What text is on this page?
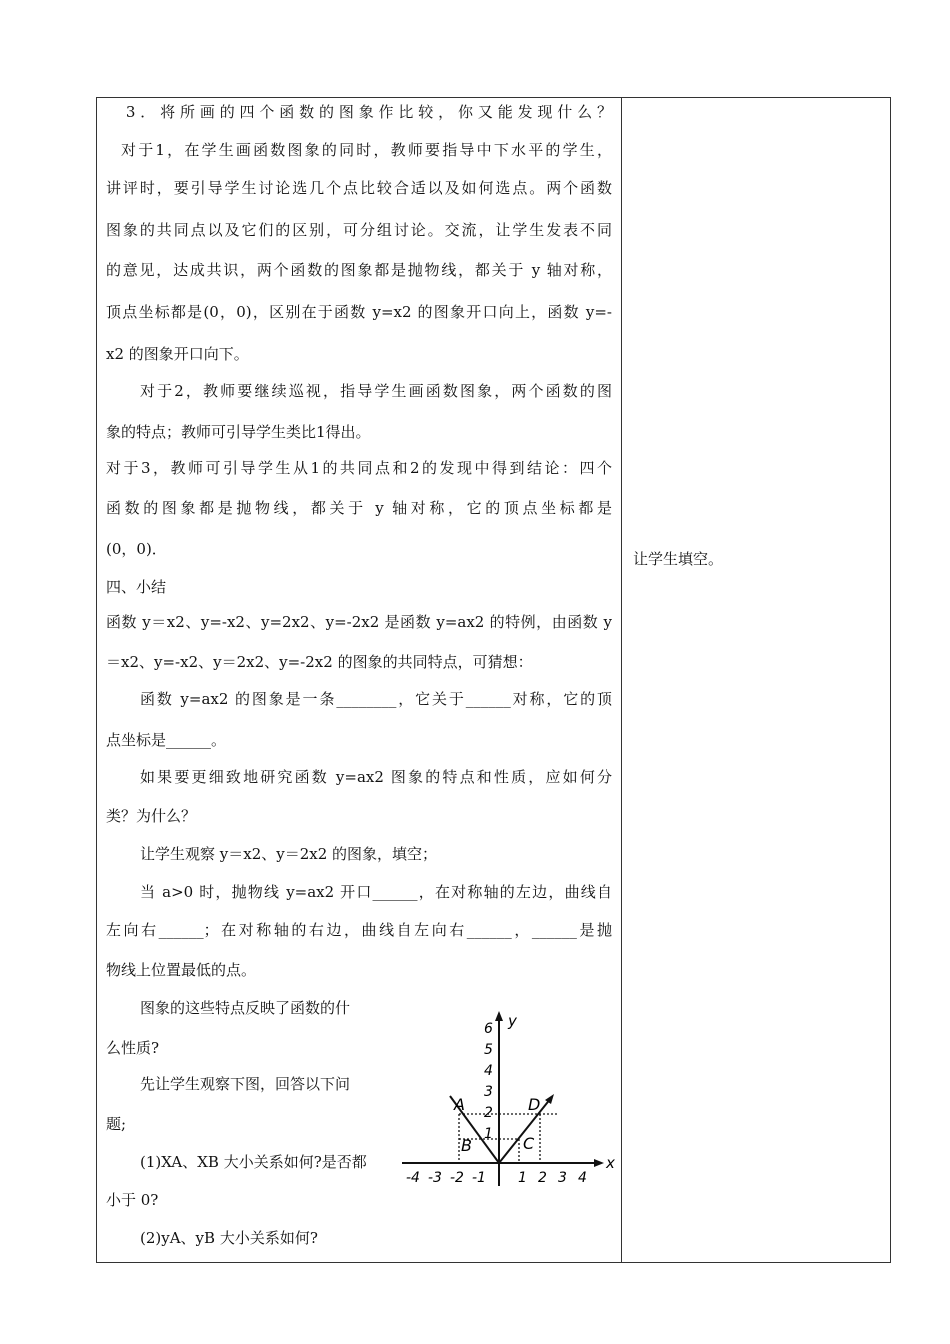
　3．将所画的四个函数的图象作比较，你又能发现什么？
对于1，在学生画函数图象的同时，教师要指导中下水平的学生，
讲评时，要引导学生讨论选几个点比较合适以及如何选点。两个函数
图象的共同点以及它们的区别，可分组讨论。交流，让学生发表不同
的意见，达成共识，两个函数的图象都是抛物线，都关于 y 轴对称，
顶点坐标都是(0，0)，区别在于函数 y=x2 的图象开口向上，函数 y=-
x2 的图象开口向下。
对于2，教师要继续巡视，指导学生画函数图象，两个函数的图
象的特点；教师可引导学生类比1得出。
对于3，教师可引导学生从1的共同点和2的发现中得到结论：四个
函数的图象都是抛物线，都关于 y 轴对称，它的顶点坐标都是
(0，0)．
四、小结
函数 y＝x2、y=-x2、y=2x2、y=-2x2 是函数 y=ax2 的特例，由函数 y
＝x2、y=-x2、y＝2x2、y=-2x2 的图象的共同特点，可猜想：
函数 y=ax2 的图象是一条________，它关于______对称，它的顶
点坐标是______。
如果要更细致地研究函数 y=ax2 图象的特点和性质，应如何分
类？为什么？
让学生观察 y＝x2、y＝2x2 的图象，填空；
当 a>0 时，抛物线 y=ax2 开口______，在对称轴的左边，曲线自
左向右______；在对称轴的右边，曲线自左向右______，______是抛
物线上位置最低的点。
图象的这些特点反映了函数的什
么性质?
先让学生观察下图，回答以下问
题;
(1)XA、XB 大小关系如何?是否都
小于 0?
(2)yA、yB 大小关系如何?
让学生填空。
x
y
1
2
3
4
5
6
-4 -3 -2 -1 1 2 3 4
A
B	C
D
